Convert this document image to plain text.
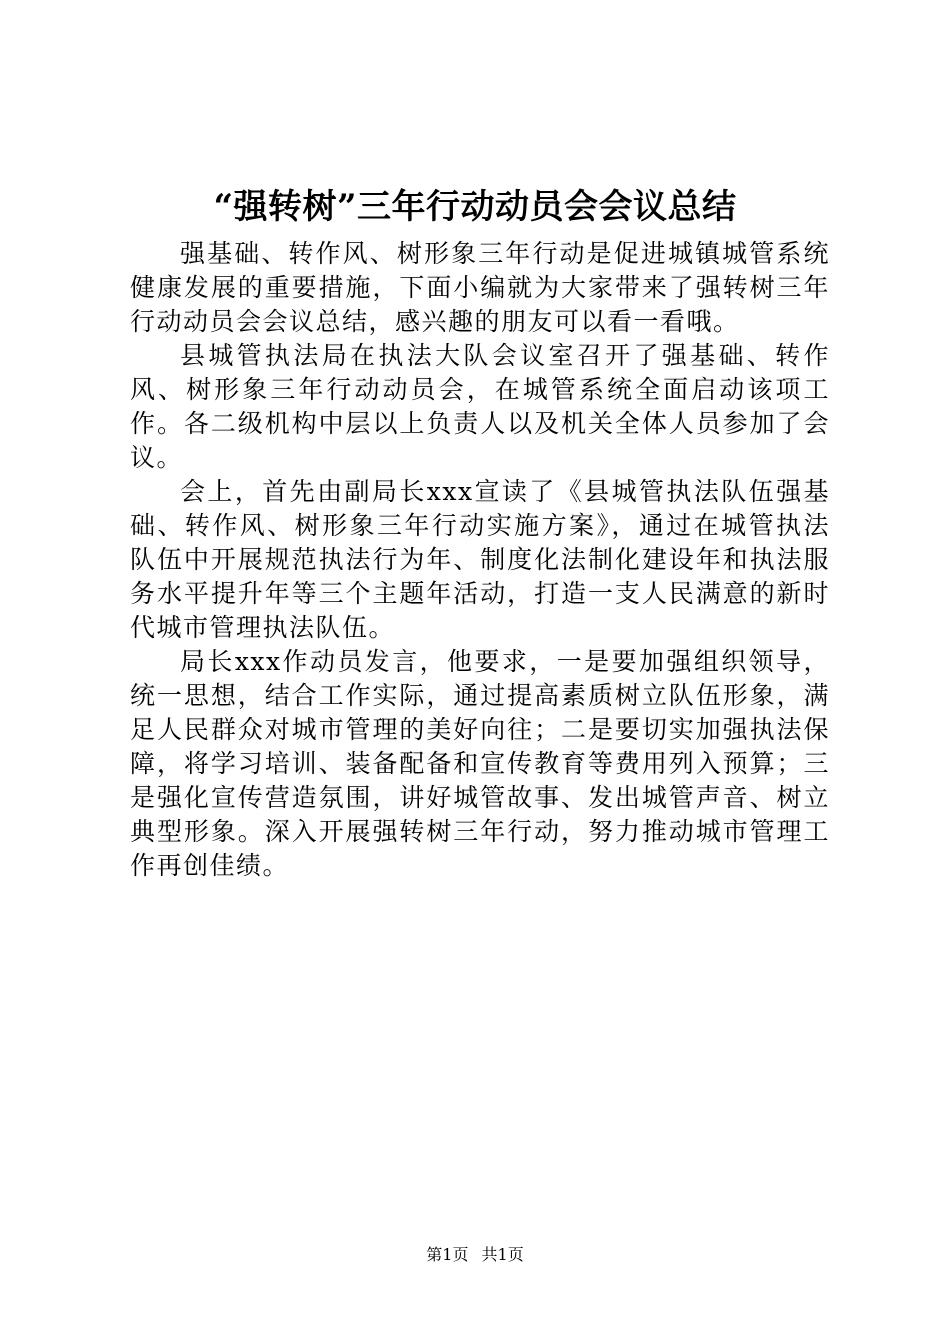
“强转树”三年行动动员会会议总结

强基础、转作风、树形象三年行动是促进城镇城管系统健康发展的重要措施，下面小编就为大家带来了强转树三年行动动员会会议总结，感兴趣的朋友可以看一看哦。

县城管执法局在执法大队会议室召开了强基础、转作风、树形象三年行动动员会，在城管系统全面启动该项工作。各二级机构中层以上负责人以及机关全体人员参加了会议。

会上，首先由副局长xxx宣读了《县城管执法队伍强基础、转作风、树形象三年行动实施方案》，通过在城管执法队伍中开展规范执法行为年、制度化法制化建设年和执法服务水平提升年等三个主题年活动，打造一支人民满意的新时代城市管理执法队伍。

局长xxx作动员发言，他要求，一是要加强组织领导，统一思想，结合工作实际，通过提高素质树立队伍形象，满足人民群众对城市管理的美好向往；二是要切实加强执法保障，将学习培训、装备配备和宣传教育等费用列入预算；三是强化宣传营造氛围，讲好城管故事、发出城管声音、树立典型形象。深入开展强转树三年行动，努力推动城市管理工作再创佳绩。

第1页 共1页
